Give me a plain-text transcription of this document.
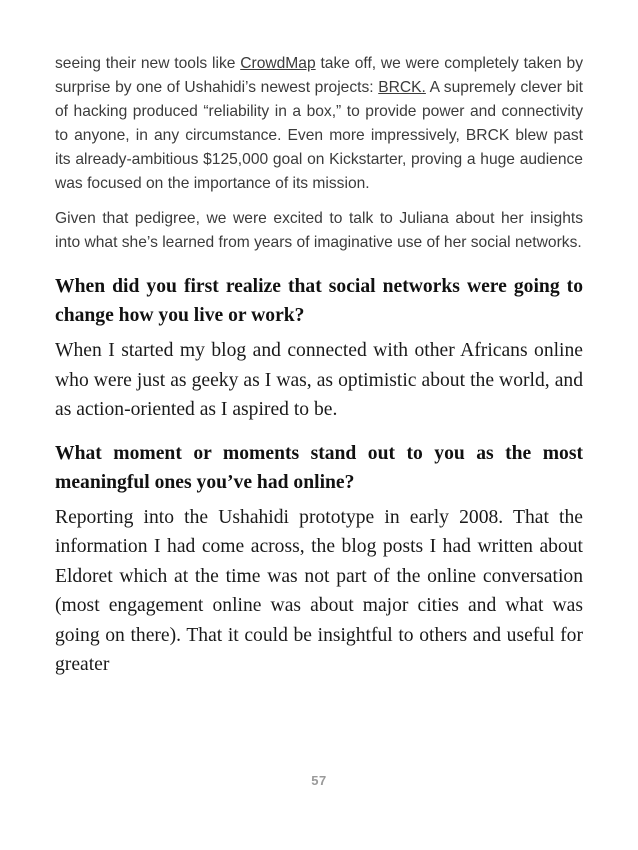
seeing their new tools like CrowdMap take off, we were completely taken by surprise by one of Ushahidi’s newest projects: BRCK. A supremely clever bit of hacking produced “reliability in a box,” to provide power and connectivity to anyone, in any circumstance. Even more impressively, BRCK blew past its already-ambitious $125,000 goal on Kickstarter, proving a huge audience was focused on the importance of its mission.

Given that pedigree, we were excited to talk to Juliana about her insights into what she’s learned from years of imaginative use of her social networks.

When did you first realize that social networks were going to change how you live or work?

When I started my blog and connected with other Africans online who were just as geeky as I was, as optimistic about the world, and as action-oriented as I aspired to be.

What moment or moments stand out to you as the most meaningful ones you’ve had online?

Reporting into the Ushahidi prototype in early 2008. That the information I had come across, the blog posts I had written about Eldoret which at the time was not part of the online conversation (most engagement online was about major cities and what was going on there). That it could be insightful to others and useful for greater

57
